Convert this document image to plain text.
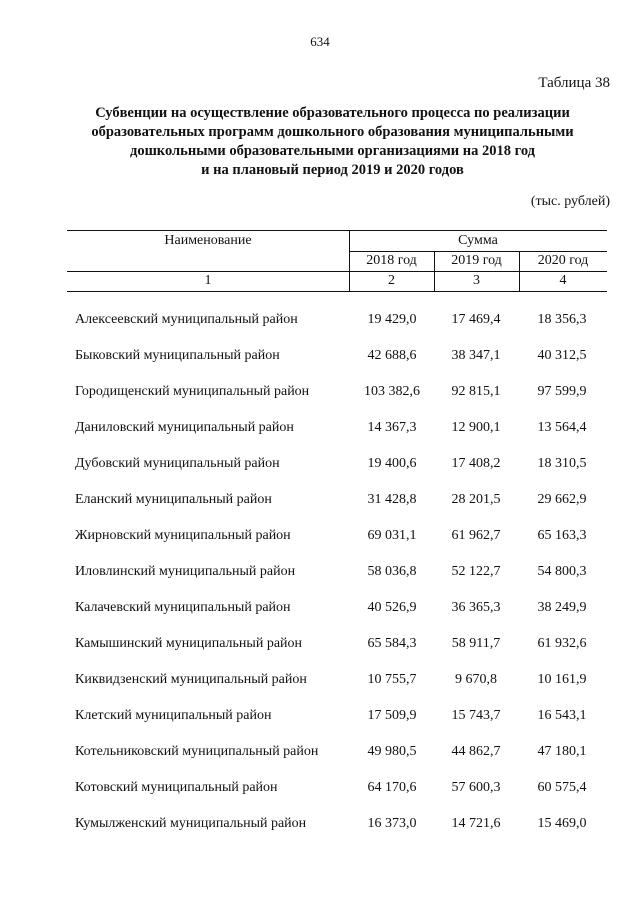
634
Таблица 38
Субвенции на осуществление образовательного процесса по реализации
образовательных программ дошкольного образования муниципальными
дошкольными образовательными организациями на 2018 год
и на плановый период 2019 и 2020 годов
(тыс. рублей)
Наименование	Сумма
2018 год	2019 год	2020 год
1	2	3	4
Алексеевский муниципальный район	19 429,0	17 469,4	18 356,3
Быковский муниципальный район	42 688,6	38 347,1	40 312,5
Городищенский муниципальный район	103 382,6	92 815,1	97 599,9
Даниловский муниципальный район	14 367,3	12 900,1	13 564,4
Дубовский муниципальный район	19 400,6	17 408,2	18 310,5
Еланский муниципальный район	31 428,8	28 201,5	29 662,9
Жирновский муниципальный район	69 031,1	61 962,7	65 163,3
Иловлинский муниципальный район	58 036,8	52 122,7	54 800,3
Калачевский муниципальный район	40 526,9	36 365,3	38 249,9
Камышинский муниципальный район	65 584,3	58 911,7	61 932,6
Киквидзенский муниципальный район	10 755,7	9 670,8	10 161,9
Клетский муниципальный район	17 509,9	15 743,7	16 543,1
Котельниковский муниципальный район	49 980,5	44 862,7	47 180,1
Котовский муниципальный район	64 170,6	57 600,3	60 575,4
Кумылженский муниципальный район	16 373,0	14 721,6	15 469,0
